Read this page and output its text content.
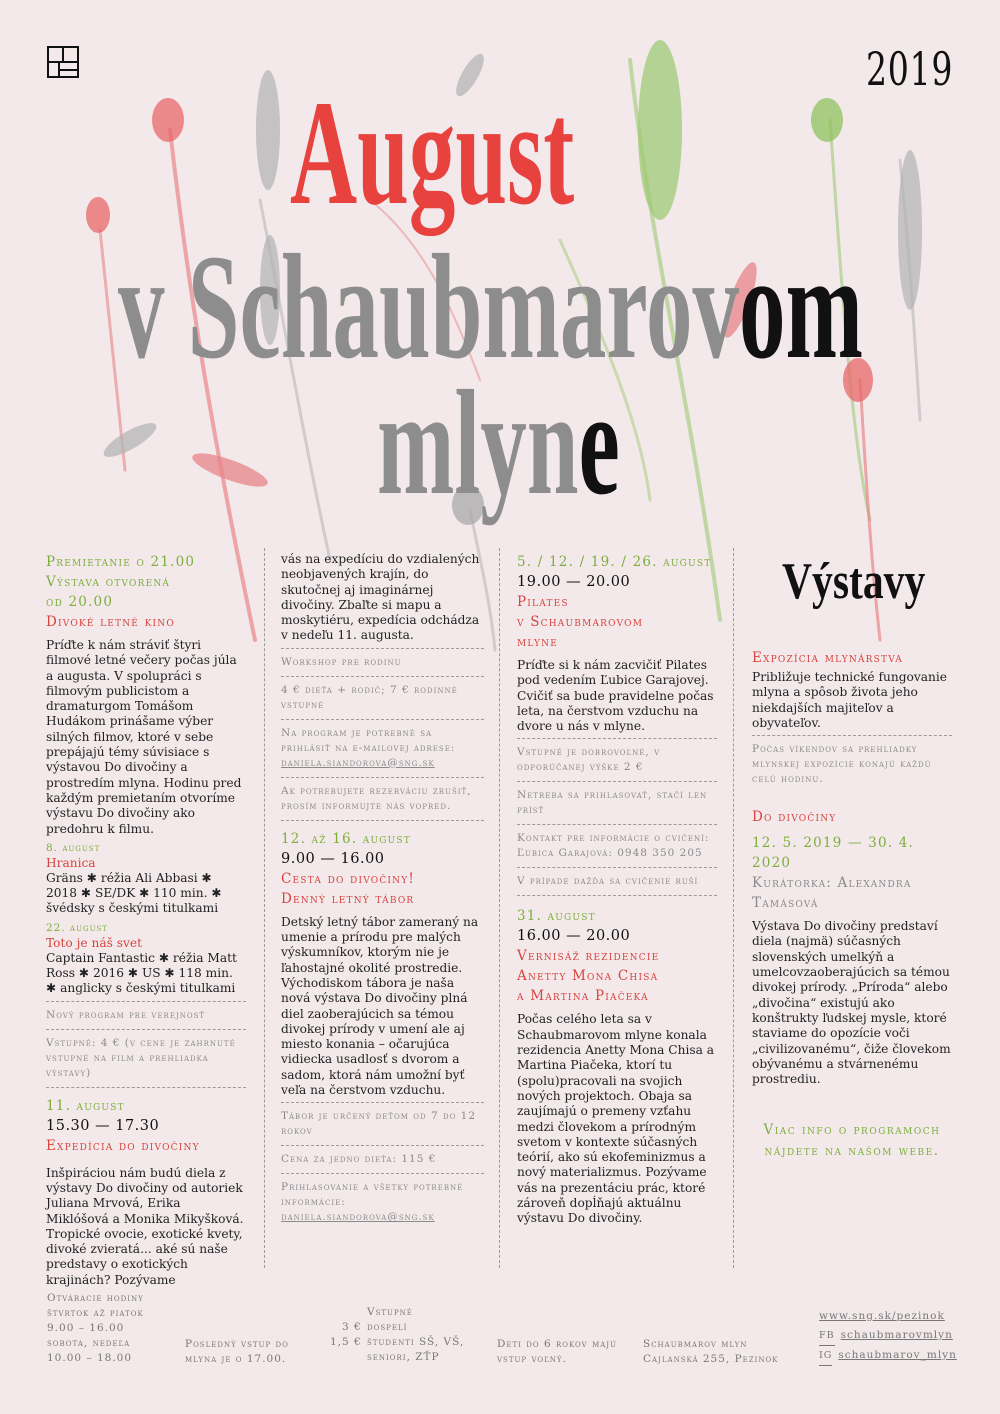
2019
August
v Schaubmarovom
mlyne
Premietanie o 21.00
Výstava otvorená
od 20.00
Divoké letné kino

Príďte k nám stráviť štyri filmové letné večery počas júla a augusta. V spolupráci s filmovým publicistom a dramaturgom Tomášom Hudákom prinášame výber silných filmov, ktoré v sebe prepájajú témy súvisiace s výstavou Do divočiny a prostredím mlyna. Hodinu pred každým premietaním otvoríme výstavu Do divočiny ako predohru k filmu.

8. august
Hranica
Gräns ✱ réžia Ali Abbasi ✱ 2018 ✱ SE/DK ✱ 110 min. ✱ švédsky s českými titulkami
22. august
Toto je náš svet
Captain Fantastic ✱ réžia Matt Ross ✱ 2016 ✱ US ✱ 118 min. ✱ anglicky s českými titulkami
Nový program pre verejnosť
Vstupné: 4 € (v cene je zahrnuté vstupné na film a prehliadka výstavy)
11. august
15.30 — 17.30
Expedícia do divočiny

Inšpiráciou nám budú diela z výstavy Do divočiny od autoriek Juliana Mrvová, Erika Miklóšová a Monika Mikyšková. Tropické ovocie, exotické kvety, divoké zvieratá... aké sú naše predstavy o exotických krajinách? Pozývame

vás na expedíciu do vzdialených neobjavených krajín, do skutočnej aj imaginárnej divočiny. Zbaľte si mapu a moskytiéru, expedícia odchádza v nedeľu 11. augusta.

Workshop pre rodinu
4 € dieťa + rodič; 7 € rodinné vstupné
Na program je potrebné sa prihlásiť na e-mailovej adrese:
daniela.siandorova@sng.sk
Ak potrebujete rezerváciu zrušiť, prosím informujte nás vopred.
12. až 16. august
9.00 — 16.00
Cesta do divočiny!
Denný letný tábor

Detský letný tábor zameraný na umenie a prírodu pre malých výskumníkov, ktorým nie je ľahostajné okolité prostredie. Východiskom tábora je naša nová výstava Do divočiny plná diel zaoberajúcich sa témou divokej prírody v umení ale aj miesto konania – očarujúca vidiecka usadlosť s dvorom a sadom, ktorá nám umožní byť veľa na čerstvom vzduchu.

Tábor je určený deťom od 7 do 12 rokov
Cena za jedno dieťa: 115 €
Prihlasovanie a všetky potrebné informácie:
daniela.siandorova@sng.sk
5. / 12. / 19. / 26. august
19.00 — 20.00
Pilates
v Schaubmarovom
mlyne

Príďte si k nám zacvičiť Pilates pod vedením Ľubice Garajovej. Cvičiť sa bude pravidelne počas leta, na čerstvom vzduchu na dvore u nás v mlyne.

Vstupné je dobrovoľné, v odporúčanej výške 2 €
Netreba sa prihlasovať, stačí len prísť
Kontakt pre informácie o cvičení: Ľubica Garajová: 0948 350 205
V prípade dažďa sa cvičenie ruší
31. august
16.00 — 20.00
Vernisáž rezidencie
Anetty Mona Chisa
a Martina Piačeka

Počas celého leta sa v Schaubmarovom mlyne konala rezidencia Anetty Mona Chisa a Martina Piačeka, ktorí tu (spolu)pracovali na svojich nových projektoch. Obaja sa zaujímajú o premeny vzťahu medzi človekom a prírodným svetom v kontexte súčasných teórií, ako sú ekofeminizmus a nový materializmus. Pozývame vás na prezentáciu prác, ktoré zároveň dopĺňajú aktuálnu výstavu Do divočiny.

Výstavy
Expozícia mlynárstva

Približuje technické fungovanie mlyna a spôsob života jeho niekdajších majiteľov a obyvateľov.

Počas víkendov sa prehliadky mlynskej expozície konajú každú celú hodinu.
Do divočiny
12. 5. 2019 — 30. 4. 2020
Kurátorka: Alexandra Tamásová

Výstava Do divočiny predstaví diela (najmä) súčasných slovenských umelkýň a umelcovzaoberajúcich sa témou divokej prírody. „Príroda“ alebo „divočina“ existujú ako konštrukty ľudskej mysle, ktoré staviame do opozície voči „civilizovanému“, čiže človekom obývanému a stvárnenému prostrediu.

Viac info o programoch nájdete na našom webe.
Otváracie hodiny
štvrtok až piatok
9.00 – 16.00
sobota, nedeľa
10.00 – 18.00
Posledný vstup do mlyna je o 17.00.
3 €
1,5 €
Vstupné
dospelí
študenti SŠ, VŠ, seniori, ZŤP
Deti do 6 rokov majú vstup voľný.
Schaubmarov mlyn
Cajlanská 255, Pezinok
www.sng.sk/pezinok
FB schaubmarovmlyn
IG schaubmarov_mlyn
